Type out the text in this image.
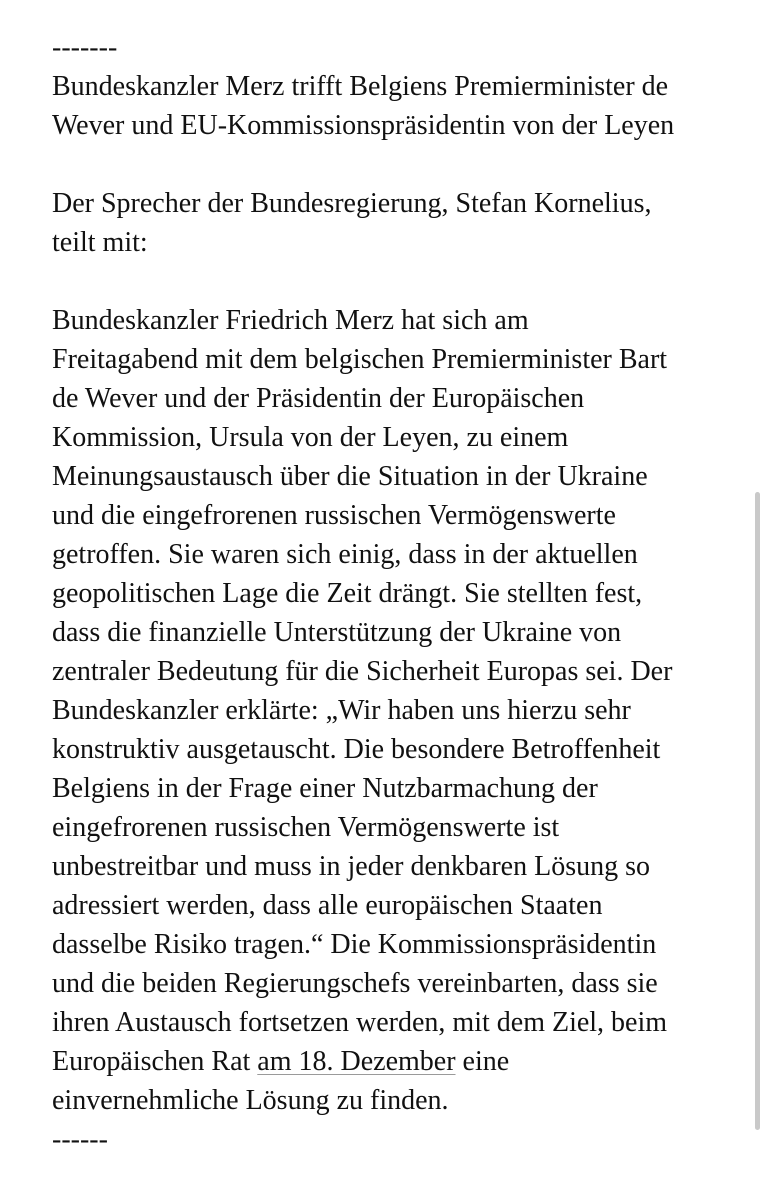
-------
Bundeskanzler Merz trifft Belgiens Premierminister de
Wever und EU-Kommissionspräsidentin von der Leyen
Der Sprecher der Bundesregierung, Stefan Kornelius,
teilt mit:
Bundeskanzler Friedrich Merz hat sich am
Freitagabend mit dem belgischen Premierminister Bart
de Wever und der Präsidentin der Europäischen
Kommission, Ursula von der Leyen, zu einem
Meinungsaustausch über die Situation in der Ukraine
und die eingefrorenen russischen Vermögenswerte
getroffen. Sie waren sich einig, dass in der aktuellen
geopolitischen Lage die Zeit drängt. Sie stellten fest,
dass die finanzielle Unterstützung der Ukraine von
zentraler Bedeutung für die Sicherheit Europas sei. Der
Bundeskanzler erklärte: „Wir haben uns hierzu sehr
konstruktiv ausgetauscht. Die besondere Betroffenheit
Belgiens in der Frage einer Nutzbarmachung der
eingefrorenen russischen Vermögenswerte ist
unbestreitbar und muss in jeder denkbaren Lösung so
adressiert werden, dass alle europäischen Staaten
dasselbe Risiko tragen.“ Die Kommissionspräsidentin
und die beiden Regierungschefs vereinbarten, dass sie
ihren Austausch fortsetzen werden, mit dem Ziel, beim
Europäischen Rat am 18. Dezember eine
einvernehmliche Lösung zu finden.
------
